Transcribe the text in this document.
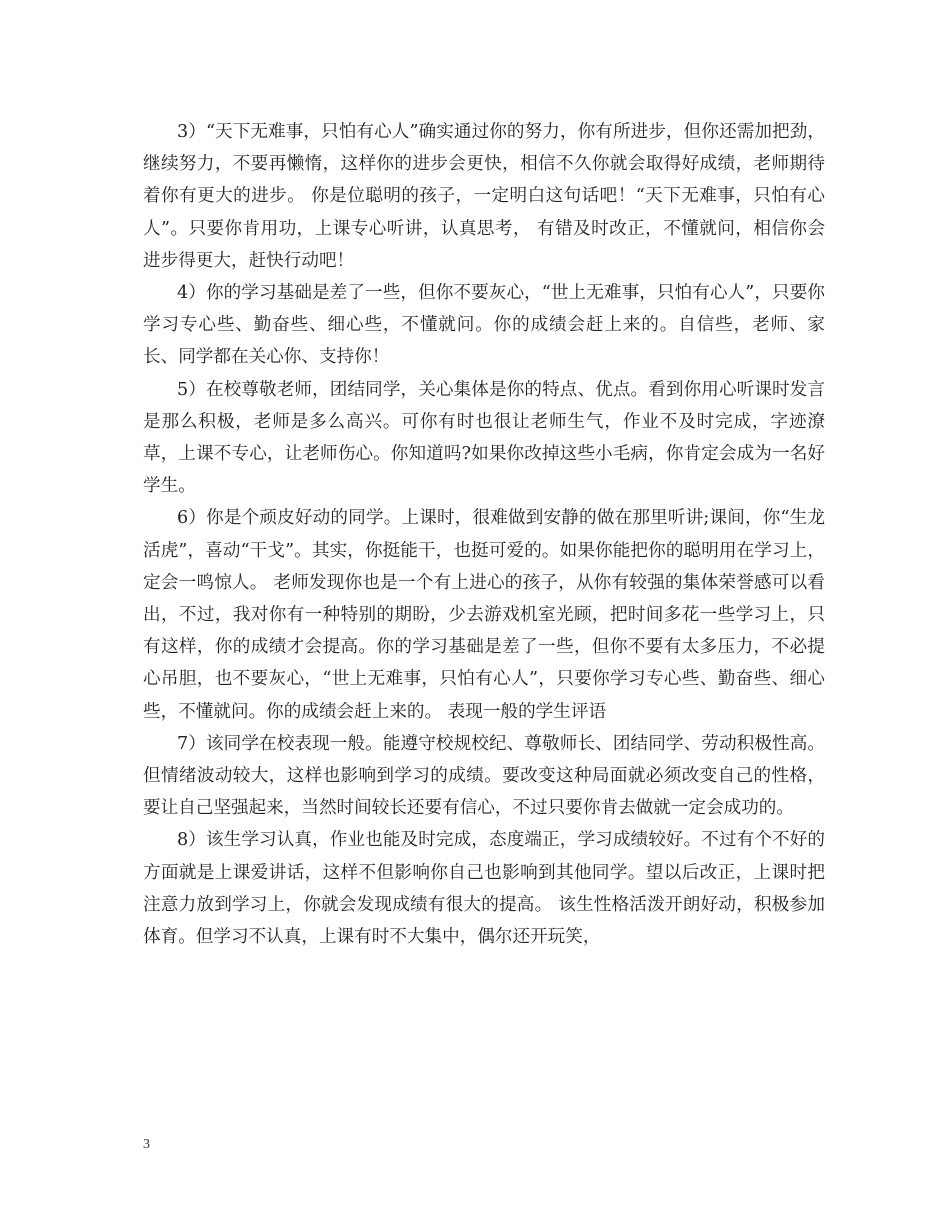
3）“天下无难事，只怕有心人”确实通过你的努力，你有所进步，但你还需加把劲，继续努力，不要再懒惰，这样你的进步会更快，相信不久你就会取得好成绩，老师期待着你有更大的进步。 你是位聪明的孩子，一定明白这句话吧！“天下无难事，只怕有心人”。只要你肯用功，上课专心听讲，认真思考， 有错及时改正，不懂就问，相信你会进步得更大，赶快行动吧！

4）你的学习基础是差了一些，但你不要灰心，“世上无难事，只怕有心人”，只要你学习专心些、勤奋些、细心些，不懂就问。你的成绩会赶上来的。自信些，老师、家长、同学都在关心你、支持你！

5）在校尊敬老师，团结同学，关心集体是你的特点、优点。看到你用心听课时发言是那么积极，老师是多么高兴。可你有时也很让老师生气，作业不及时完成，字迹潦草，上课不专心，让老师伤心。你知道吗?如果你改掉这些小毛病，你肯定会成为一名好学生。

6）你是个顽皮好动的同学。上课时，很难做到安静的做在那里听讲;课间，你“生龙活虎”，喜动“干戈”。其实，你挺能干，也挺可爱的。如果你能把你的聪明用在学习上，定会一鸣惊人。 老师发现你也是一个有上进心的孩子，从你有较强的集体荣誉感可以看出，不过，我对你有一种特别的期盼，少去游戏机室光顾，把时间多花一些学习上，只有这样，你的成绩才会提高。你的学习基础是差了一些，但你不要有太多压力，不必提心吊胆，也不要灰心，“世上无难事，只怕有心人”，只要你学习专心些、勤奋些、细心些，不懂就问。你的成绩会赶上来的。 表现一般的学生评语

7）该同学在校表现一般。能遵守校规校纪、尊敬师长、团结同学、劳动积极性高。但情绪波动较大，这样也影响到学习的成绩。要改变这种局面就必须改变自己的性格，要让自己坚强起来，当然时间较长还要有信心，不过只要你肯去做就一定会成功的。

8）该生学习认真，作业也能及时完成，态度端正，学习成绩较好。不过有个不好的方面就是上课爱讲话，这样不但影响你自己也影响到其他同学。望以后改正，上课时把注意力放到学习上，你就会发现成绩有很大的提高。 该生性格活泼开朗好动，积极参加体育。但学习不认真，上课有时不大集中，偶尔还开玩笑，

3
